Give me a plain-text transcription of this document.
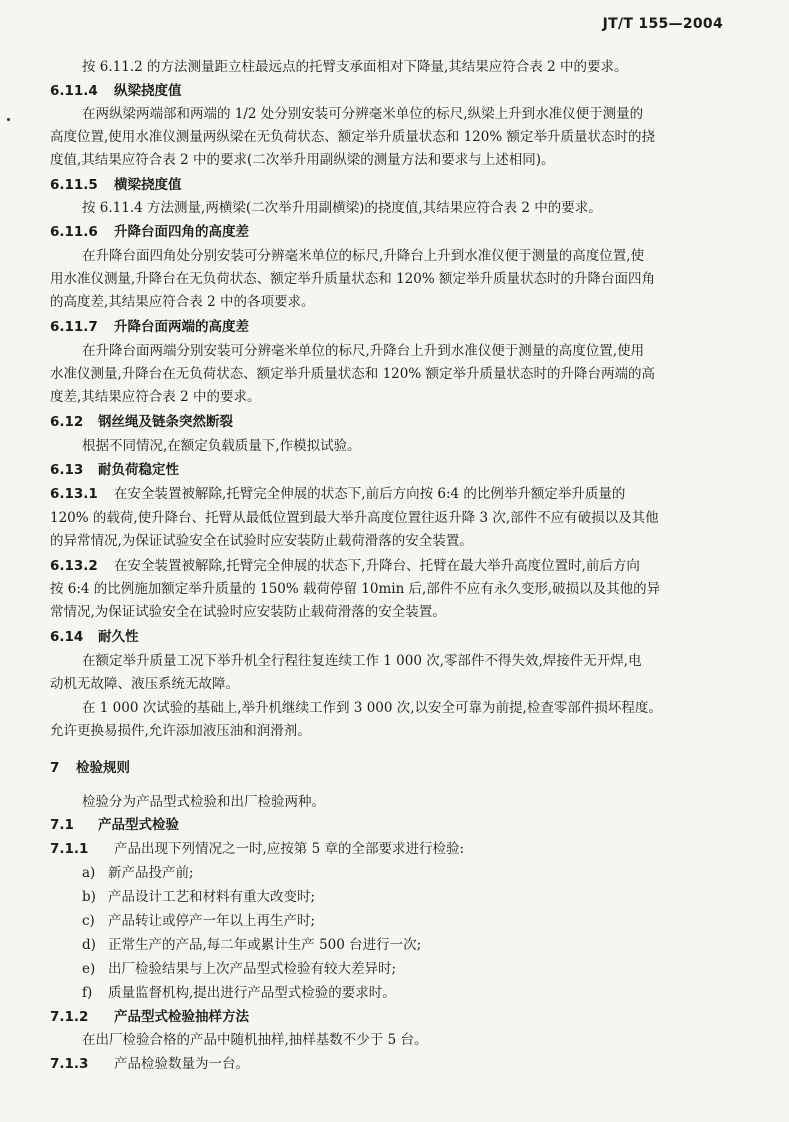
JT/T 155—2004
按 6.11.2 的方法测量距立柱最远点的托臂支承面相对下降量,其结果应符合表 2 中的要求。
6.11.4 纵梁挠度值
在两纵梁两端部和两端的 1/2 处分别安装可分辨毫米单位的标尺,纵梁上升到水准仪便于测量的
高度位置,使用水准仪测量两纵梁在无负荷状态、额定举升质量状态和 120% 额定举升质量状态时的挠
度值,其结果应符合表 2 中的要求(二次举升用副纵梁的测量方法和要求与上述相同)。
6.11.5 横梁挠度值
按 6.11.4 方法测量,两横梁(二次举升用副横梁)的挠度值,其结果应符合表 2 中的要求。
6.11.6 升降台面四角的高度差
在升降台面四角处分别安装可分辨毫米单位的标尺,升降台上升到水准仪便于测量的高度位置,使
用水准仪测量,升降台在无负荷状态、额定举升质量状态和 120% 额定举升质量状态时的升降台面四角
的高度差,其结果应符合表 2 中的各项要求。
6.11.7 升降台面两端的高度差
在升降台面两端分别安装可分辨毫米单位的标尺,升降台上升到水准仪便于测量的高度位置,使用
水准仪测量,升降台在无负荷状态、额定举升质量状态和 120% 额定举升质量状态时的升降台两端的高
度差,其结果应符合表 2 中的要求。
6.12 钢丝绳及链条突然断裂
根据不同情况,在额定负载质量下,作模拟试验。
6.13 耐负荷稳定性
6.13.1 在安全装置被解除,托臂完全伸展的状态下,前后方向按 6:4 的比例举升额定举升质量的
120% 的载荷,使升降台、托臂从最低位置到最大举升高度位置往返升降 3 次,部件不应有破损以及其他
的异常情况,为保证试验安全在试验时应安装防止载荷滑落的安全装置。
6.13.2 在安全装置被解除,托臂完全伸展的状态下,升降台、托臂在最大举升高度位置时,前后方向
按 6:4 的比例施加额定举升质量的 150% 载荷停留 10min 后,部件不应有永久变形,破损以及其他的异
常情况,为保证试验安全在试验时应安装防止载荷滑落的安全装置。
6.14 耐久性
在额定举升质量工况下举升机全行程往复连续工作 1 000 次,零部件不得失效,焊接件无开焊,电
动机无故障、液压系统无故障。
在 1 000 次试验的基础上,举升机继续工作到 3 000 次,以安全可靠为前提,检查零部件损坏程度。
允许更换易损件,允许添加液压油和润滑剂。
7 检验规则
检验分为产品型式检验和出厂检验两种。
7.1 产品型式检验
7.1.1 产品出现下列情况之一时,应按第 5 章的全部要求进行检验:
a) 新产品投产前;
b) 产品设计工艺和材料有重大改变时;
c) 产品转让或停产一年以上再生产时;
d) 正常生产的产品,每二年或累计生产 500 台进行一次;
e) 出厂检验结果与上次产品型式检验有较大差异时;
f) 质量监督机构,提出进行产品型式检验的要求时。
7.1.2 产品型式检验抽样方法
在出厂检验合格的产品中随机抽样,抽样基数不少于 5 台。
7.1.3 产品检验数量为一台。
